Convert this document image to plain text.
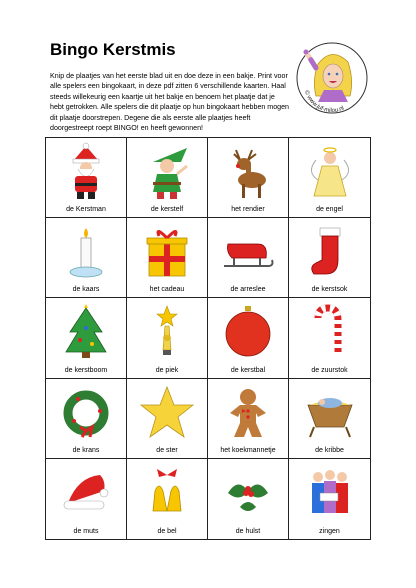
Bingo Kerstmis

Knip de plaatjes van het eerste blad uit en doe deze in een bakje. Print voor alle spelers een bingokaart, in deze pdf zitten 6 verschillende kaarten. Haal steeds willekeurig een kaartje uit het bakje en benoem het plaatje dat je hebt getrokken. Alle spelers die dit plaatje op hun bingokaart hebben mogen dit plaatje doorstrepen. Degene die als eerste alle plaatjes heeft doorgestreept roept BINGO! en heeft gewonnen!

© www.juf-milou.nl
de Kerstman	de kerstelf	het rendier	de engel
de kaars	het cadeau	de arreslee	de kerstsok
de kerstboom	de piek	de kerstbal	de zuurstok
de krans	de ster	het koekmannetje	de kribbe
de muts	de bel	de hulst	zingen
